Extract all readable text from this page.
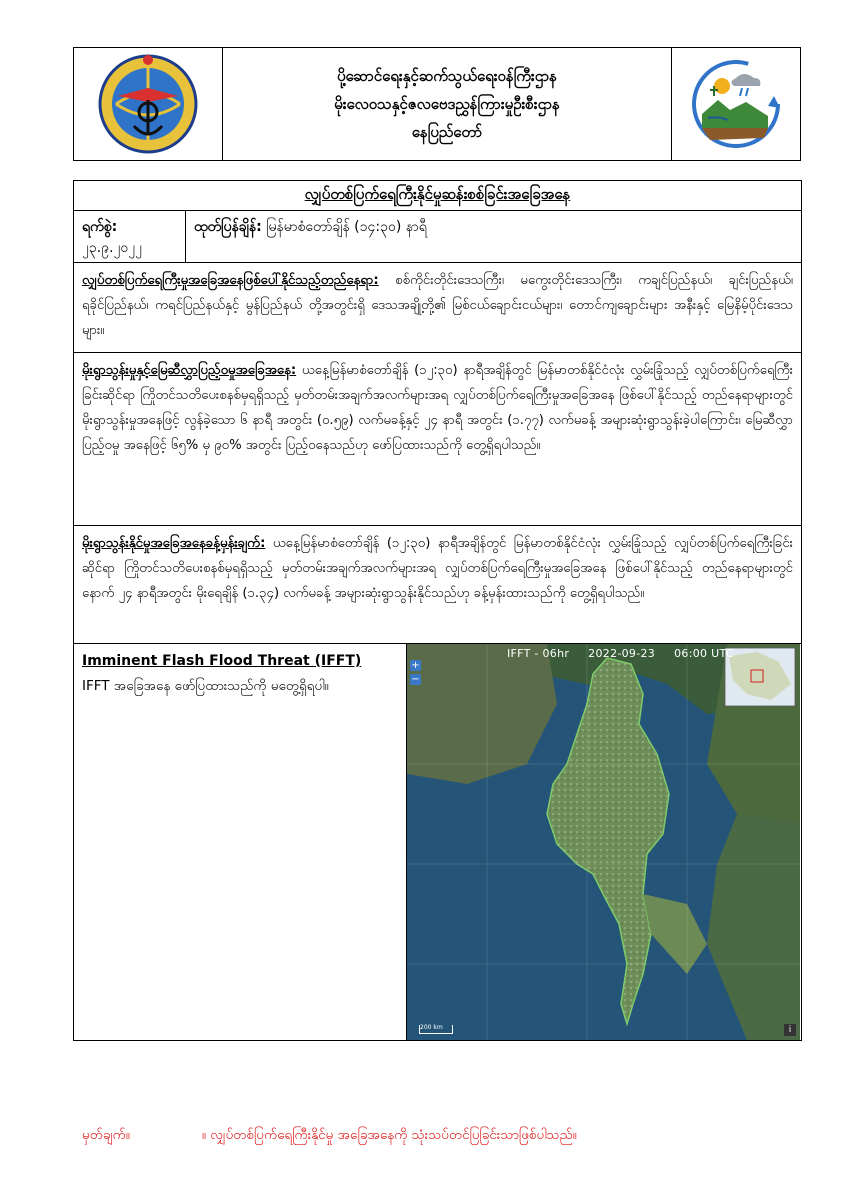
ပို့ဆောင်ရေးနှင့်ဆက်သွယ်ရေးဝန်ကြီးဌာန
မိုးလေဝသနှင့်ဇလဗေဒညွှန်ကြားမှုဦးစီးဌာန
နေပြည်တော်
လျှပ်တစ်ပြက်ရေကြီးနိုင်မှုဆန်းစစ်ခြင်းအခြေအနေ
ရက်စွဲ: ၂၃.၉.၂၀၂၂
ထုတ်ပြန်ချိန်: မြန်မာစံတော်ချိန် (၁၄:၃၀) နာရီ
လျှပ်တစ်ပြက်ရေကြီးမှုအခြေအနေဖြစ်ပေါ်နိုင်သည့်တည်နေရာ: စစ်ကိုင်းတိုင်းဒေသကြီး၊ မကွေးတိုင်းဒေသကြီး၊ ကချင်ပြည်နယ်၊ ချင်းပြည်နယ်၊ ရခိုင်ပြည်နယ်၊ ကရင်ပြည်နယ်နှင့် မွန်ပြည်နယ် တို့အတွင်းရှိ ဒေသအချို့တို့၏ မြစ်ငယ်ချောင်းငယ်များ၊ တောင်ကျချောင်းများ အနီးနှင့် မြေနိမ့်ပိုင်းဒေသများ။
မိုးရွာသွန်းမှုနှင့်မြေဆီလွှာပြည့်ဝမှုအခြေအနေ: ယနေ့မြန်မာစံတော်ချိန် (၁၂:၃၀) နာရီအချိန်တွင် မြန်မာတစ်နိုင်ငံလုံး လွှမ်းခြုံသည့် လျှပ်တစ်ပြက်ရေကြီးခြင်းဆိုင်ရာ ကြိုတင်သတိပေးစနစ်မှရရှိသည့် မှတ်တမ်းအချက်အလက်များအရ လျှပ်တစ်ပြက်ရေကြီးမှုအခြေအနေ ဖြစ်ပေါ်နိုင်သည့် တည်နေရာများတွင် မိုးရွာသွန်းမှုအနေဖြင့် လွန်ခဲ့သော ၆ နာရီ အတွင်း (၀.၅၉) လက်မခန့်နှင့် ၂၄ နာရီ အတွင်း (၁.၇၇) လက်မခန့် အများဆုံးရွာသွန်းခဲ့ပါကြောင်း၊ မြေဆီလွှာပြည့်ဝမှု အနေဖြင့် ၆၅% မှ ၉၀% အတွင်း ပြည့်ဝနေသည်ဟု ဖော်ပြထားသည်ကို တွေ့ရှိရပါသည်။
မိုးရွာသွန်းနိုင်မှုအခြေအနေခန့်မှန်းချက်: ယနေ့မြန်မာစံတော်ချိန် (၁၂:၃၀) နာရီအချိန်တွင် မြန်မာတစ်နိုင်ငံလုံး လွှမ်းခြုံသည့် လျှပ်တစ်ပြက်ရေကြီးခြင်းဆိုင်ရာ ကြိုတင်သတိပေးစနစ်မှရရှိသည့် မှတ်တမ်းအချက်အလက်များအရ လျှပ်တစ်ပြက်ရေကြီးမှုအခြေအနေ ဖြစ်ပေါ်နိုင်သည့် တည်နေရာများတွင် နောက် ၂၄ နာရီအတွင်း မိုးရေချိန် (၁.၃၄) လက်မခန့် အများဆုံးရွာသွန်းနိုင်သည်ဟု ခန့်မှန်းထားသည်ကို တွေ့ရှိရပါသည်။
Imminent Flash Flood Threat (IFFT)
IFFT အခြေအနေ ဖော်ပြထားသည်ကို မတွေ့ရှိရပါ။
IFFT - 06hr 2022-09-23 06:00 UTC
+
−
200 km	i
မှတ်ချက်။	။ လျှပ်တစ်ပြက်ရေကြီးနိုင်မှု အခြေအနေကို သုံးသပ်တင်ပြခြင်းသာဖြစ်ပါသည်။
